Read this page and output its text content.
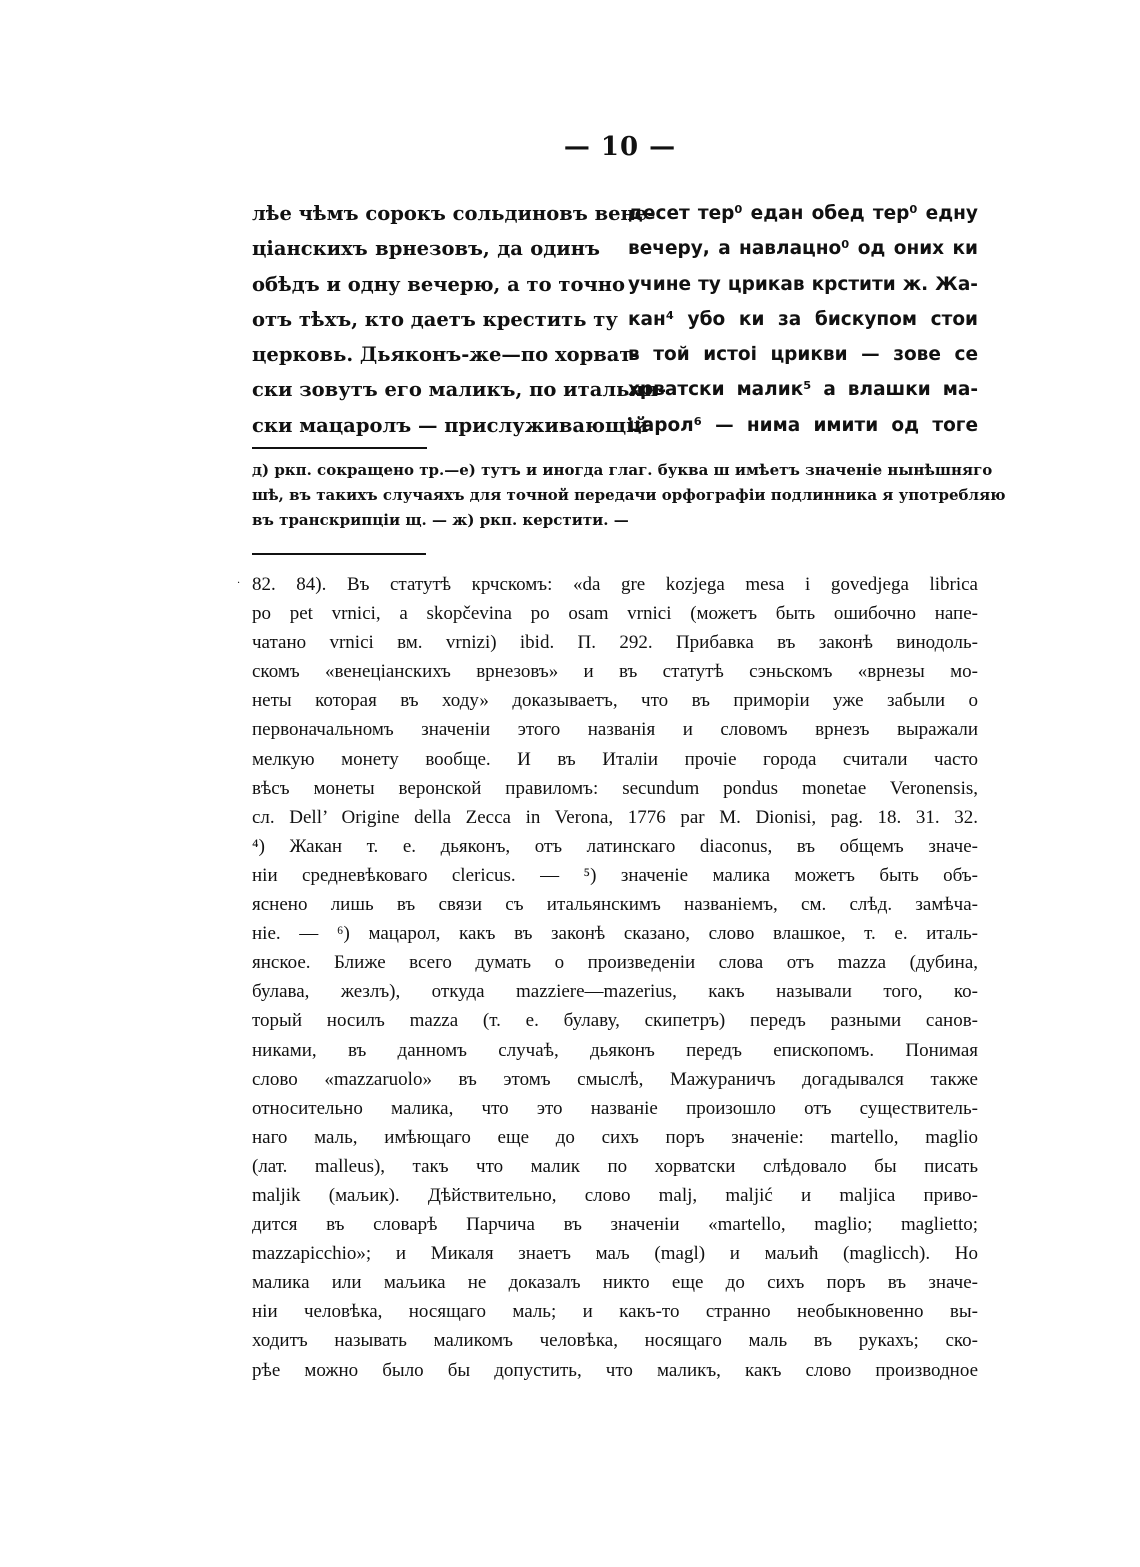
— 10 —
лѣе чѣмъ сорокъ сольдиновъ вене-
ціанскихъ врнезовъ, да одинъ
обѣдъ и одну вечерю, а то точно
отъ тѣхъ, кто даетъ крестить ту
церковь. Дьяконъ-же—по хорват-
ски зовутъ его маликъ, по итальян-
ски мацаролъ — прислуживающій
десет тер⁰ едан обед тер⁰ едну
вечеру, а навлацно⁰ од оних ки
учине ту црикав крстити ж. Жа-
кан⁴ убо ки за бискупом стои
в той истоі црикви — зове се
хрватски малик⁵ а влашки ма-
царол⁶ — нима имити од тоге
д) ркп. сокращено тр.—е) тутъ и иногда глаг. буква ш имѣетъ значеніе нынѣшняго
шѣ, въ такихъ случаяхъ для точной передачи орфографіи подлинника я употребляю
въ транскрипціи щ. — ж) ркп. керстити. —
· 82. 84). Въ статутѣ крчскомъ: «da gre kozjega mesa i govedjega librica
po pet vrnici, a skopčevina po osam vrnici (можетъ быть ошибочно напе-
чатано vrnici вм. vrnizi) ibid. П. 292. Прибавка въ законѣ винодоль-
скомъ «венеціанскихъ врнезовъ» и въ статутѣ сэньскомъ «врнезы мо-
неты которая въ ходу» доказываетъ, что въ приморіи уже забыли о
первоначальномъ значеніи этого названія и словомъ врнезъ выражали
мелкую монету вообще. И въ Италіи прочіе города считали часто
вѣсъ монеты веронской правиломъ: secundum pondus monetae Veronensis,
cл. Dell’ Origine della Zecca in Verona, 1776 par M. Dionisi, pag. 18. 31. 32.
⁴) Жакан т. е. дьяконъ, отъ латинскаго diaconus, въ общемъ значе-
ніи средневѣковаго clericus. — ⁵) значеніе малика можетъ быть объ-
яснено лишь въ связи съ итальянскимъ названіемъ, см. слѣд. замѣча-
ніе. — ⁶) мацарол, какъ въ законѣ сказано, слово влашкое, т. е. италь-
янское. Ближе всего думать о произведеніи слова отъ mazza (дубина,
булава, жезлъ), откуда mazziere—mazerius, какъ называли того, ко-
торый носилъ mazza (т. е. булаву, скипетръ) передъ разными санов-
никами, въ данномъ случаѣ, дьяконъ передъ епископомъ. Понимая
слово «mazzaruolo» въ этомъ смыслѣ, Мажураничъ догадывался также
относительно малика, что это названіе произошло отъ существитель-
наго маль, имѣющаго еще до сихъ поръ значеніе: martello, maglio
(лат. malleus), такъ что малик по хорватски слѣдовало бы писать
maljik (маљик). Дѣйствительно, слово malj, maljić и maljica приво-
дится въ словарѣ Парчича въ значеніи «martello, maglio; maglietto;
mazzapicchio»; и Микаля знаетъ маљ (magl) и маљић (maglicch). Но
малика или маљика не доказалъ никто еще до сихъ поръ въ значе-
ніи человѣка, носящаго маль; и какъ-то странно необыкновенно вы-
ходитъ называть маликомъ человѣка, носящаго маль въ рукахъ; ско-
рѣе можно было бы допустить, что маликъ, какъ слово производное
